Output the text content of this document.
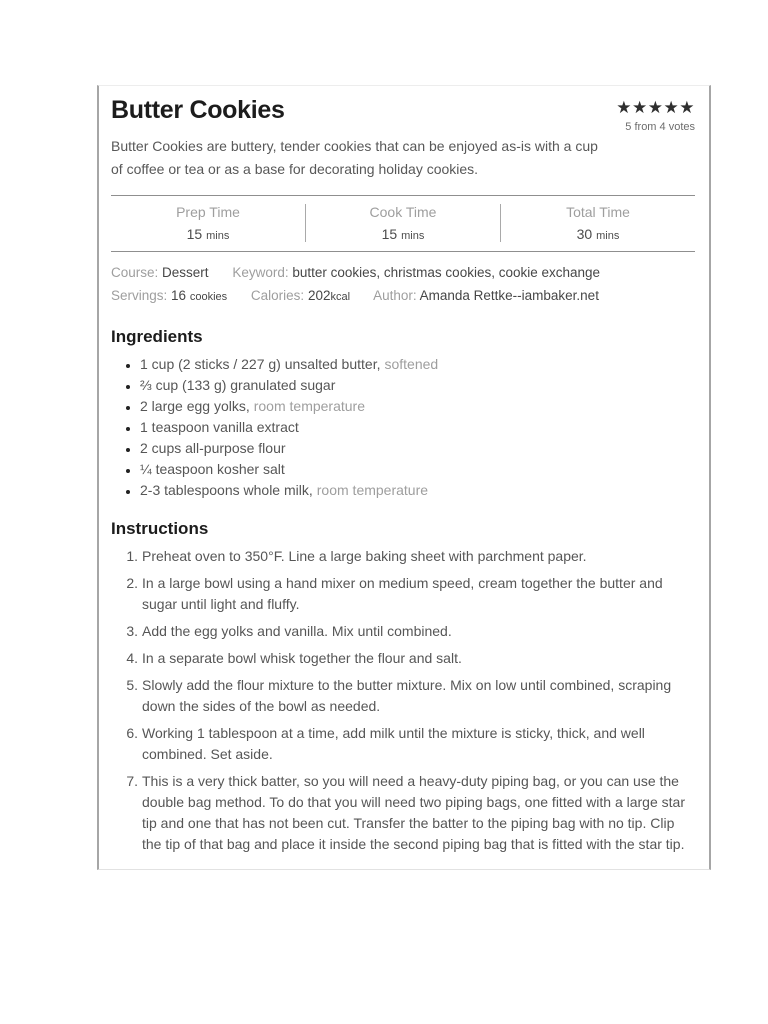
Butter Cookies

Butter Cookies are buttery, tender cookies that can be enjoyed as-is with a cup of coffee or tea or as a base for decorating holiday cookies.

★★★★★
5 from 4 votes
Prep Time
15 mins
Cook Time
15 mins
Total Time
30 mins
Course: Dessert Keyword: butter cookies, christmas cookies, cookie exchange
Servings: 16 cookies Calories: 202kcal Author: Amanda Rettke--iambaker.net
Ingredients
• 1 cup (2 sticks / 227 g) unsalted butter, softened
• ⅔ cup (133 g) granulated sugar
• 2 large egg yolks, room temperature
• 1 teaspoon vanilla extract
• 2 cups all-purpose flour
• ¼ teaspoon kosher salt
• 2-3 tablespoons whole milk, room temperature
Instructions
1. Preheat oven to 350°F. Line a large baking sheet with parchment paper.
2. In a large bowl using a hand mixer on medium speed, cream together the butter and sugar until light and fluffy.
3. Add the egg yolks and vanilla. Mix until combined.
4. In a separate bowl whisk together the flour and salt.
5. Slowly add the flour mixture to the butter mixture. Mix on low until combined, scraping down the sides of the bowl as needed.
6. Working 1 tablespoon at a time, add milk until the mixture is sticky, thick, and well combined. Set aside.
7. This is a very thick batter, so you will need a heavy-duty piping bag, or you can use the double bag method. To do that you will need two piping bags, one fitted with a large star tip and one that has not been cut. Transfer the batter to the piping bag with no tip. Clip the tip of that bag and place it inside the second piping bag that is fitted with the star tip.
